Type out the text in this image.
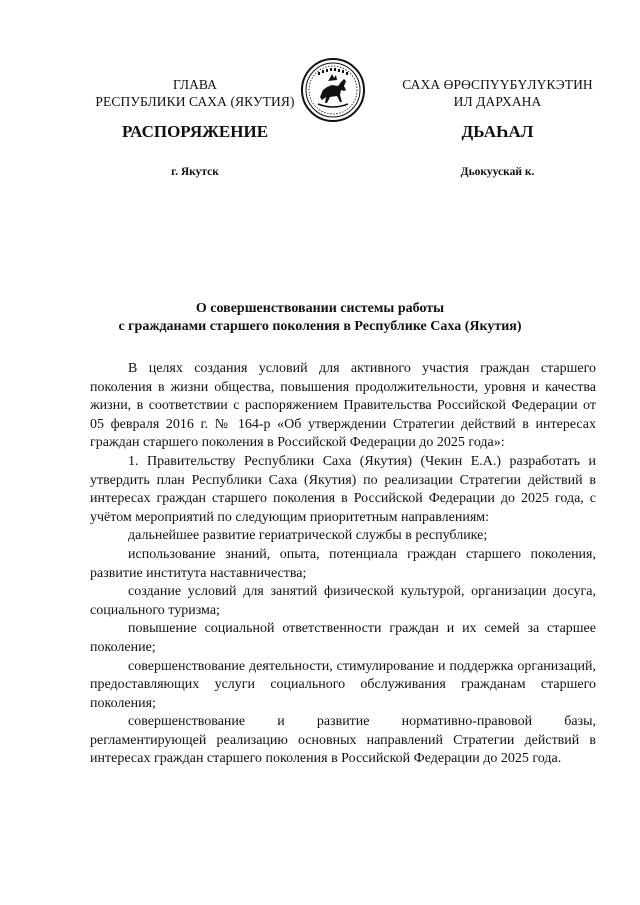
ГЛАВА
РЕСПУБЛИКИ САХА (ЯКУТИЯ)
САХА ӨРӨСПҮҮБҮЛҮКЭТИН
ИЛ ДАРХАНА
РАСПОРЯЖЕНИЕ	ДЬАҺАЛ
г. Якутск	Дьокуускай к.
О совершенствовании системы работы
с гражданами старшего поколения в Республике Саха (Якутия)

В целях создания условий для активного участия граждан старшего поколения в жизни общества, повышения продолжительности, уровня и качества жизни, в соответствии с распоряжением Правительства Российской Федерации от 05 февраля 2016 г. № 164-р «Об утверждении Стратегии действий в интересах граждан старшего поколения в Российской Федерации до 2025 года»:

1. Правительству Республики Саха (Якутия) (Чекин Е.А.) разработать и утвердить план Республики Саха (Якутия) по реализации Стратегии действий в интересах граждан старшего поколения в Российской Федерации до 2025 года, с учётом мероприятий по следующим приоритетным направлениям:

дальнейшее развитие гериатрической службы в республике;

использование знаний, опыта, потенциала граждан старшего поколения, развитие института наставничества;

создание условий для занятий физической культурой, организации досуга, социального туризма;

повышение социальной ответственности граждан и их семей за старшее поколение;

совершенствование деятельности, стимулирование и поддержка организаций, предоставляющих услуги социального обслуживания гражданам старшего поколения;

совершенствование и развитие нормативно-правовой базы, регламентирующей реализацию основных направлений Стратегии действий в интересах граждан старшего поколения в Российской Федерации до 2025 года.
